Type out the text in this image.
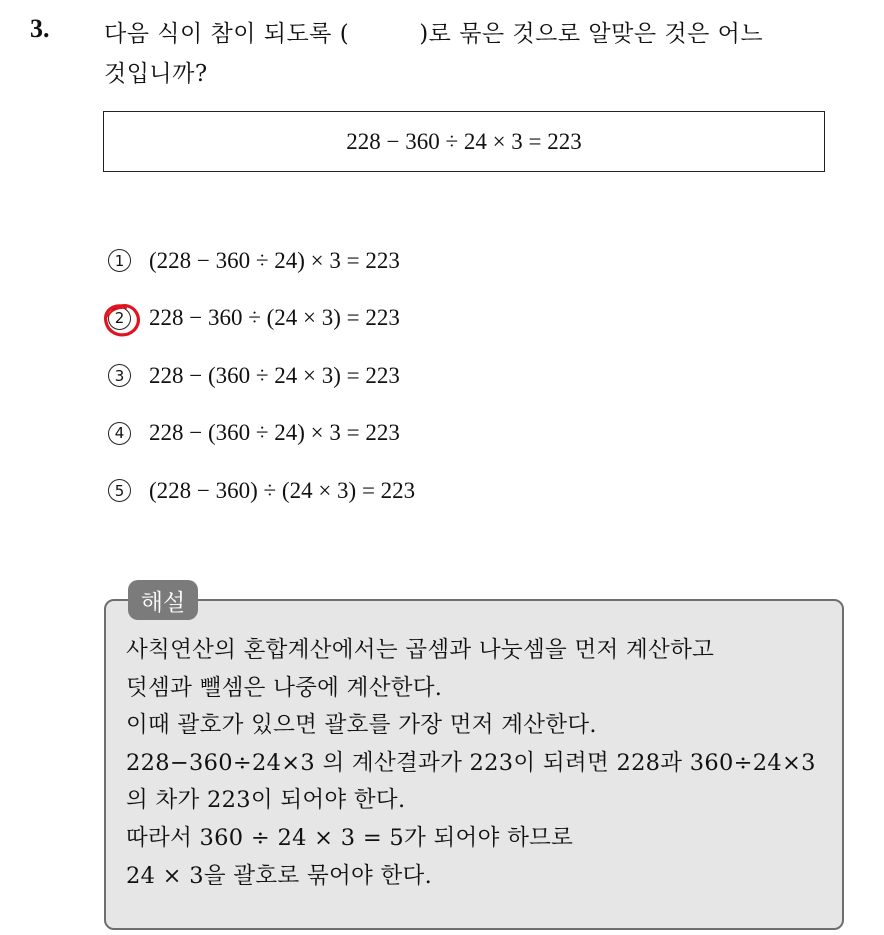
3. 다음 식이 참이 되도록 (	)로 묶은 것으로 알맞은 것은 어느
것입니까?
228 − 360 ÷ 24 × 3 = 223
1 (228 − 360 ÷ 24) × 3 = 223
2 228 − 360 ÷ (24 × 3) = 223
3 228 − (360 ÷ 24 × 3) = 223
4 228 − (360 ÷ 24) × 3 = 223
5 (228 − 360) ÷ (24 × 3) = 223
해설
사칙연산의 혼합계산에서는 곱셈과 나눗셈을 먼저 계산하고
덧셈과 뺄셈은 나중에 계산한다.
이때 괄호가 있으면 괄호를 가장 먼저 계산한다.
228−360÷24×3 의 계산결과가 223이 되려면 228과 360÷24×3
의 차가 223이 되어야 한다.
따라서 360 ÷ 24 × 3 = 5가 되어야 하므로
24 × 3을 괄호로 묶어야 한다.
